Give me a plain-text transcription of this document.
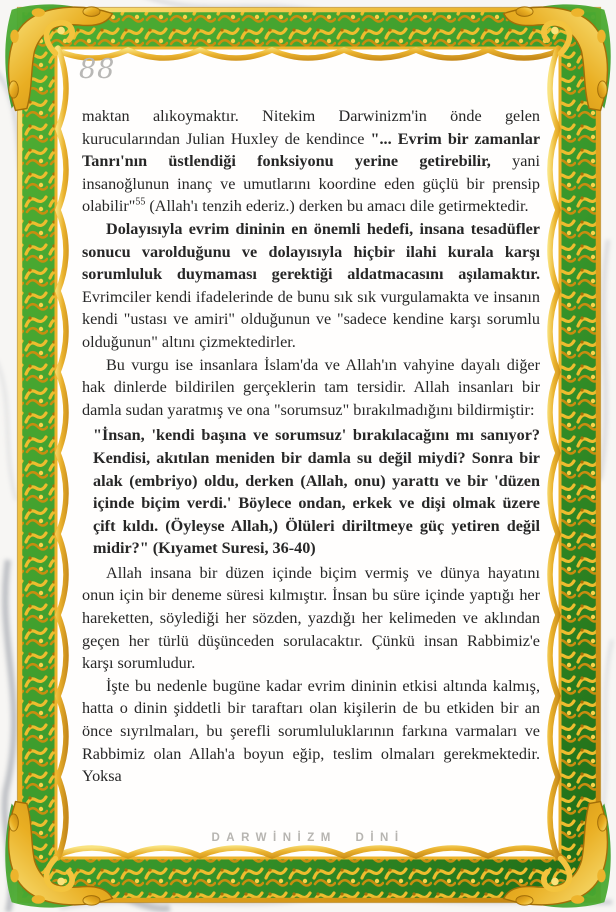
88

maktan alıkoymaktır. Nitekim Darwinizm'in önde gelen kurucularından Julian Huxley de kendince "... Evrim bir zamanlar Tanrı'nın üstlendiği fonksiyonu yerine getirebilir, yani insanoğlunun inanç ve umutlarını koordine eden güçlü bir prensip olabilir"$^{55}$ (Allah'ı tenzih ederiz.) derken bu amacı dile getirmektedir.

Dolayısıyla evrim dininin en önemli hedefi, insana tesadüfler sonucu varolduğunu ve dolayısıyla hiçbir ilahi kurala karşı sorumluluk duymaması gerektiği aldatmacasını aşılamaktır. Evrimciler kendi ifadelerinde de bunu sık sık vurgulamakta ve insanın kendi "ustası ve amiri" olduğunun ve "sadece kendine karşı sorumlu olduğunun" altını çizmektedirler.

Bu vurgu ise insanlara İslam'da ve Allah'ın vahyine dayalı diğer hak dinlerde bildirilen gerçeklerin tam tersidir. Allah insanları bir damla sudan yaratmış ve ona "sorumsuz" bırakılmadığını bildirmiştir:

"İnsan, 'kendi başına ve sorumsuz' bırakılacağını mı sanıyor? Kendisi, akıtılan meniden bir damla su değil miydi? Sonra bir alak (embriyo) oldu, derken (Allah, onu) yarattı ve bir 'düzen içinde biçim verdi.' Böylece ondan, erkek ve dişi olmak üzere çift kıldı. (Öyleyse Allah,) Ölüleri diriltmeye güç yetiren değil midir?" (Kıyamet Suresi, 36-40)

Allah insana bir düzen içinde biçim vermiş ve dünya hayatını onun için bir deneme süresi kılmıştır. İnsan bu süre içinde yaptığı her hareketten, söylediği her sözden, yazdığı her kelimeden ve aklından geçen her türlü düşünceden sorulacaktır. Çünkü insan Rabbimiz'e karşı sorumludur.

İşte bu nedenle bugüne kadar evrim dininin etkisi altında kalmış, hatta o dinin şiddetli bir taraftarı olan kişilerin de bu etkiden bir an önce sıyrılmaları, bu şerefli sorumluluklarının farkına varmaları ve Rabbimiz olan Allah'a boyun eğip, teslim olmaları gerekmektedir. Yoksa

DARWİNİZM DİNİ
